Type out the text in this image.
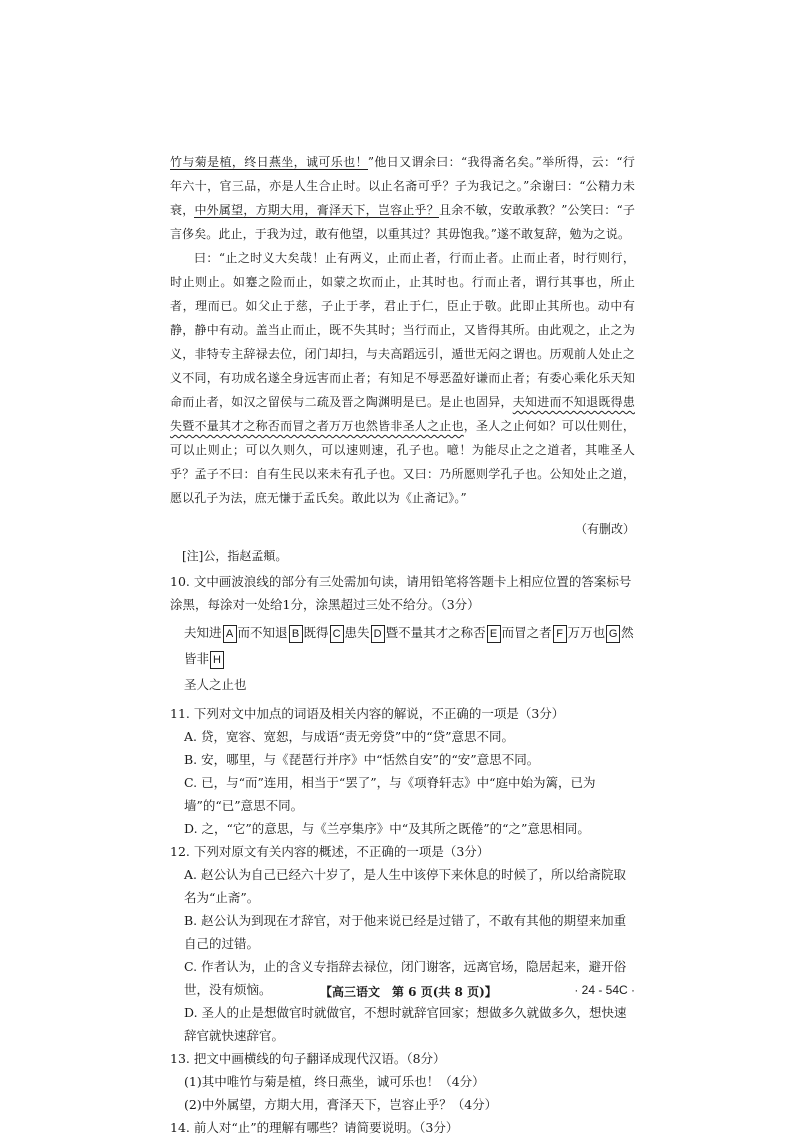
竹与菊是植，终日燕坐，诚可乐也！”他日又谓余曰：“我得斋名矣。”举所得，云：“行年六十，官三品，亦是人生合止时。以止名斋可乎？子为我记之。”余谢曰：“公精力未衰，中外属望，方期大用，膏泽天下，岂容止乎？且余不敏，安敢承教？”公笑曰：“子言侈矣。此止，于我为过，敢有他望，以重其过？其毋饱我。”遂不敢复辞，勉为之说。

曰：“止之时义大矣哉！止有两义，止而止者，行而止者。止而止者，时行则行，时止则止。如蹇之险而止，如蒙之坎而止，止其时也。行而止者，谓行其事也，所止者，理而已。如父止于慈，子止于孝，君止于仁，臣止于敬。此即止其所也。动中有静，静中有动。盖当止而止，既不失其时；当行而止，又皆得其所。由此观之，止之为义，非特专主辞禄去位，闭门却扫，与夫高蹈远引，遁世无闷之谓也。历观前人处止之义不同，有功成名遂全身远害而止者；有知足不辱恶盈好谦而止者；有委心乘化乐天知命而止者，如汉之留侯与二疏及晋之陶渊明是已。是止也固异，夫知进而不知退既得患失暨不量其才之称否而冒之者万万也然皆非圣人之止也，圣人之止何如？可以仕则仕，可以止则止；可以久则久，可以速则速，孔子也。噫！为能尽止之之道者，其唯圣人乎？孟子不曰：自有生民以来未有孔子也。又曰：乃所愿则学孔子也。公知处止之道，愿以孔子为法，庶无慊于孟氏矣。敢此以为《止斋记》。”

（有删改）
[注]公，指赵孟頫。

10. 文中画波浪线的部分有三处需加句读，请用铅笔将答题卡上相应位置的答案标号涂黑，每涂对一处给1分，涂黑超过三处不给分。（3分）

夫知进 A 而不知退 B 既得 C 患失 D 暨不量其才之称否 E 而冒之者 F 万万也 G 然皆非 H
圣人之止也

11. 下列对文中加点的词语及相关内容的解说，不正确的一项是（3分）

A. 贷，宽容、宽恕，与成语“责无旁贷”中的“贷”意思不同。

B. 安，哪里，与《琵琶行并序》中“恬然自安”的“安”意思不同。

C. 已，与“而”连用，相当于“罢了”，与《项脊轩志》中“庭中始为篱，已为墙”的“已”意思不同。

D. 之，“它”的意思，与《兰亭集序》中“及其所之既倦”的“之”意思相同。

12. 下列对原文有关内容的概述，不正确的一项是（3分）

A. 赵公认为自己已经六十岁了，是人生中该停下来休息的时候了，所以给斋院取名为“止斋”。

B. 赵公认为到现在才辞官，对于他来说已经是过错了，不敢有其他的期望来加重自己的过错。

C. 作者认为，止的含义专指辞去禄位，闭门谢客，远离官场，隐居起来，避开俗世，没有烦恼。

D. 圣人的止是想做官时就做官，不想时就辞官回家；想做多久就做多久，想快速辞官就快速辞官。

13. 把文中画横线的句子翻译成现代汉语。（8分）

(1)其中唯竹与菊是植，终日燕坐，诚可乐也！（4分）

(2)中外属望，方期大用，膏泽天下，岂容止乎？（4分）

14. 前人对“止”的理解有哪些？请简要说明。（3分）

【高三语文　第 6 页(共 8 页)】	· 24 - 54C ·
